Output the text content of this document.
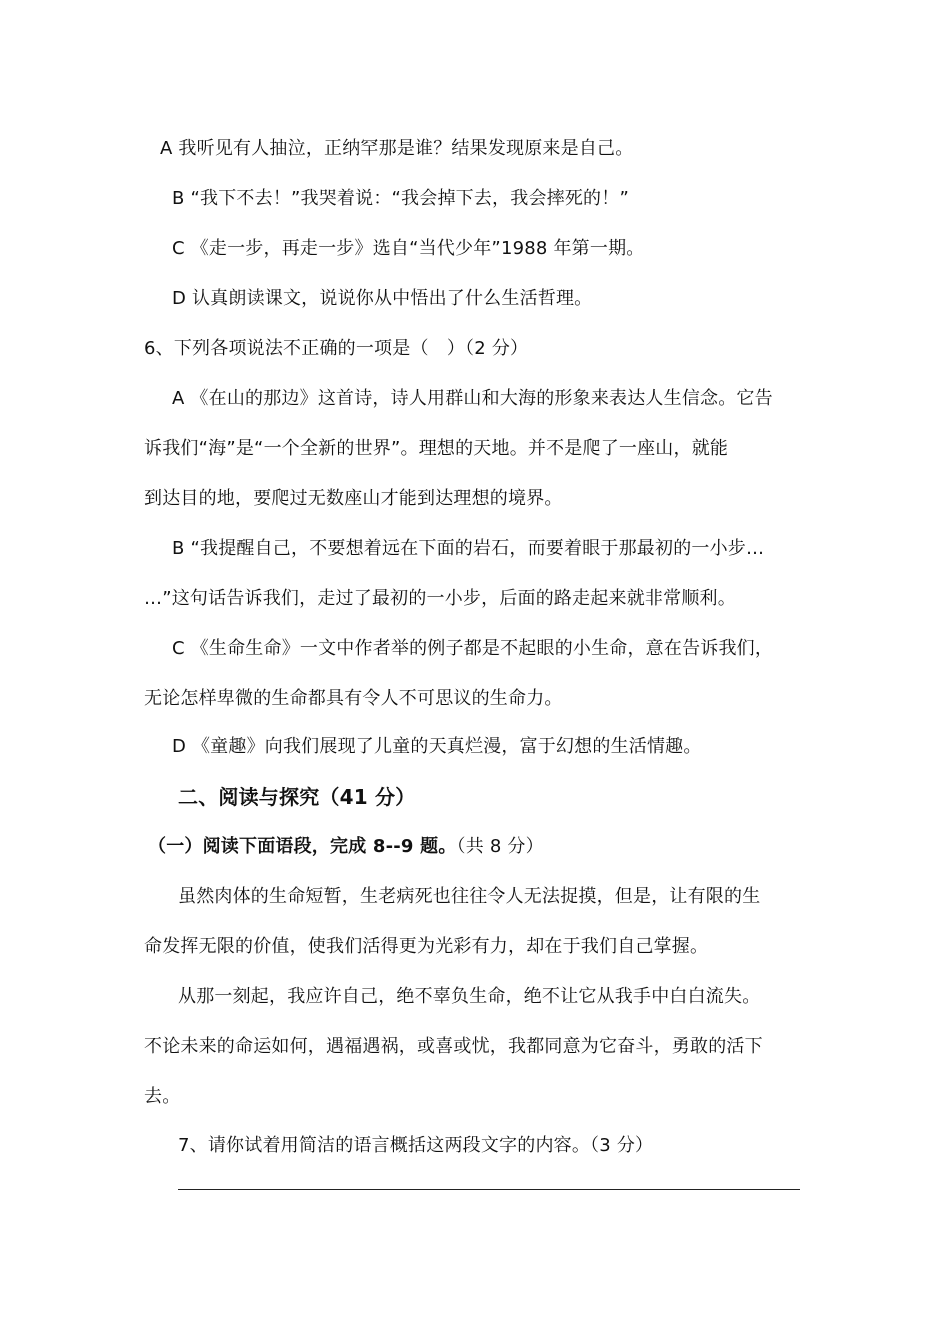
A 我听见有人抽泣，正纳罕那是谁？结果发现原来是自己。
B “我下不去！”我哭着说：“我会掉下去，我会摔死的！”
C 《走一步，再走一步》选自“当代少年”1988 年第一期。
D 认真朗读课文，说说你从中悟出了什么生活哲理。
6、下列各项说法不正确的一项是（　）（2 分）
A 《在山的那边》这首诗，诗人用群山和大海的形象来表达人生信念。它告
诉我们“海”是“一个全新的世界”。理想的天地。并不是爬了一座山，就能
到达目的地，要爬过无数座山才能到达理想的境界。
B “我提醒自己，不要想着远在下面的岩石，而要着眼于那最初的一小步…
…”这句话告诉我们，走过了最初的一小步，后面的路走起来就非常顺利。
C 《生命生命》一文中作者举的例子都是不起眼的小生命，意在告诉我们，
无论怎样卑微的生命都具有令人不可思议的生命力。
D 《童趣》向我们展现了儿童的天真烂漫，富于幻想的生活情趣。
二、阅读与探究（41 分）
（一）阅读下面语段，完成 8--9 题。（共 8 分）
虽然肉体的生命短暂，生老病死也往往令人无法捉摸，但是，让有限的生
命发挥无限的价值，使我们活得更为光彩有力，却在于我们自己掌握。
从那一刻起，我应许自己，绝不辜负生命，绝不让它从我手中白白流失。
不论未来的命运如何，遇福遇祸，或喜或忧，我都同意为它奋斗，勇敢的活下
去。
7、请你试着用简洁的语言概括这两段文字的内容。（3 分）
